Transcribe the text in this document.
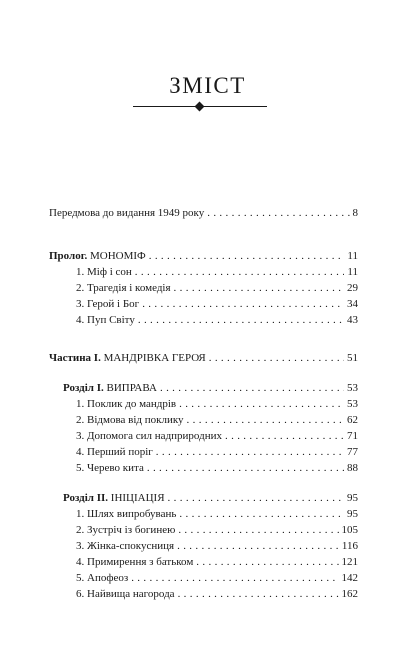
ЗМІСТ
Передмова до видання 1949 року . . .	8
Пролог. МОНОМІФ . . .	11
1. Міф і сон . . .	11
2. Трагедія і комедія . . .	29
3. Герой і Бог . . .	34
4. Пуп Світу . . .	43
Частина I. МАНДРІВКА ГЕРОЯ . . .	51
Розділ I. ВИПРАВА . . .	53
1. Поклик до мандрів . . .	53
2. Відмова від поклику . . .	62
3. Допомога сил надприродних . . .	71
4. Перший поріг . . .	77
5. Черево кита . . .	88
Розділ II. ІНІЦІАЦІЯ . . .	95
1. Шлях випробувань . . .	95
2. Зустріч із богинею . . .	105
3. Жінка-спокусниця . . .	116
4. Примирення з батьком . . .	121
5. Апофеоз . . .	142
6. Найвища нагорода . . .	162
